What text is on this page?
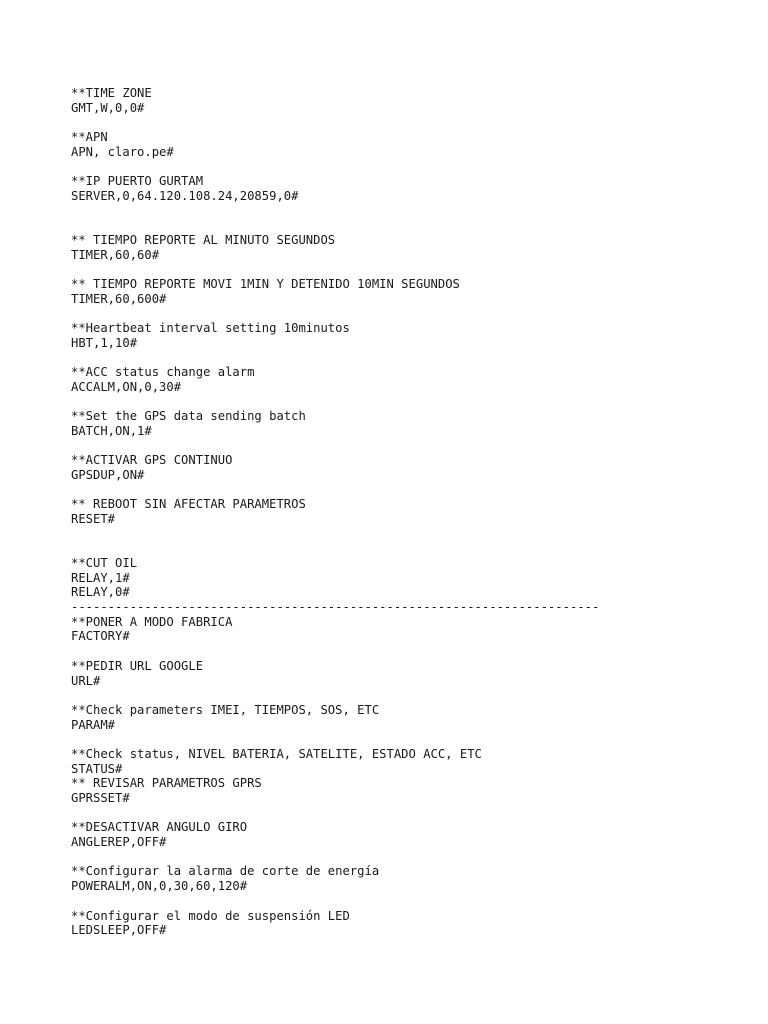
**TIME ZONE
GMT,W,0,0#
**APN
APN, claro.pe#
**IP PUERTO GURTAM
SERVER,0,64.120.108.24,20859,0#
** TIEMPO REPORTE AL MINUTO SEGUNDOS
TIMER,60,60#
** TIEMPO REPORTE MOVI 1MIN Y DETENIDO 10MIN SEGUNDOS
TIMER,60,600#
**Heartbeat interval setting 10minutos
HBT,1,10#
**ACC status change alarm
ACCALM,ON,0,30#
**Set the GPS data sending batch
BATCH,ON,1#
**ACTIVAR GPS CONTINUO
GPSDUP,ON#
** REBOOT SIN AFECTAR PARAMETROS
RESET#
**CUT OIL
RELAY,1#
RELAY,0#
------------------------------------------------------------------------
**PONER A MODO FABRICA
FACTORY#
**PEDIR URL GOOGLE
URL#
**Check parameters IMEI, TIEMPOS, SOS, ETC
PARAM#
**Check status, NIVEL BATERIA, SATELITE, ESTADO ACC, ETC
STATUS#
** REVISAR PARAMETROS GPRS
GPRSSET#
**DESACTIVAR ANGULO GIRO
ANGLEREP,OFF#
**Configurar la alarma de corte de energía
POWERALM,ON,0,30,60,120#
**Configurar el modo de suspensión LED
LEDSLEEP,OFF#
